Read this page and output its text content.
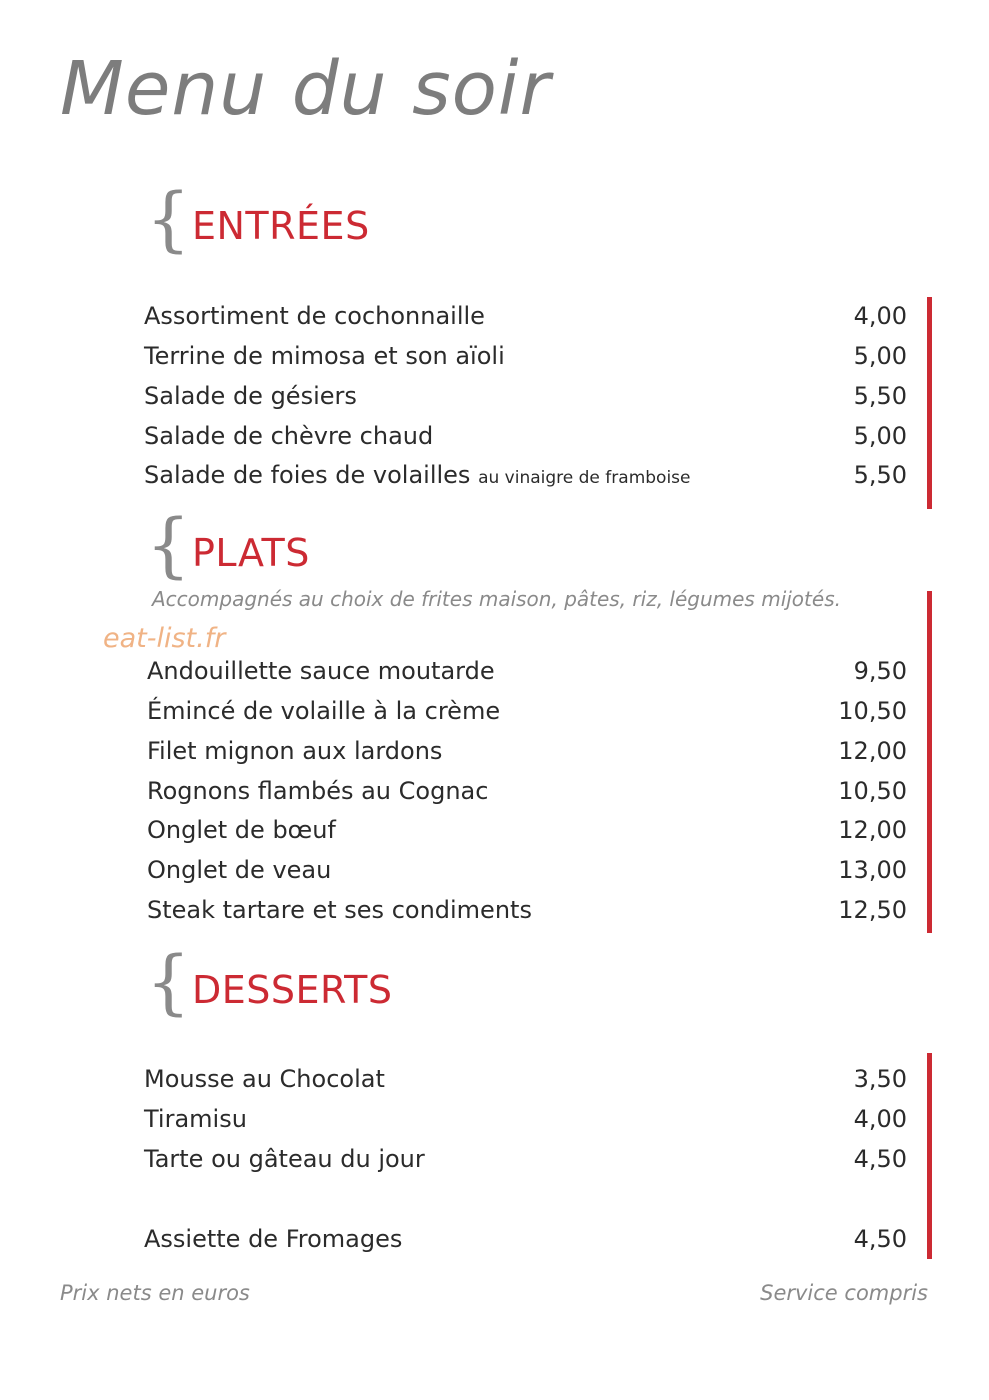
Menu du soir
{ ENTRÉES
Assortiment de cochonnaille	4,00
Terrine de mimosa et son aïoli	5,00
Salade de gésiers	5,50
Salade de chèvre chaud	5,00
Salade de foies de volailles au vinaigre de framboise	5,50
{ PLATS
Accompagnés au choix de frites maison, pâtes, riz, légumes mijotés.
eat-list.fr
Andouillette sauce moutarde	9,50
Émincé de volaille à la crème	10,50
Filet mignon aux lardons	12,00
Rognons flambés au Cognac	10,50
Onglet de bœuf	12,00
Onglet de veau	13,00
Steak tartare et ses condiments	12,50
{ DESSERTS
Mousse au Chocolat	3,50
Tiramisu	4,00
Tarte ou gâteau du jour	4,50
Assiette de Fromages	4,50
Prix nets en euros	Service compris
